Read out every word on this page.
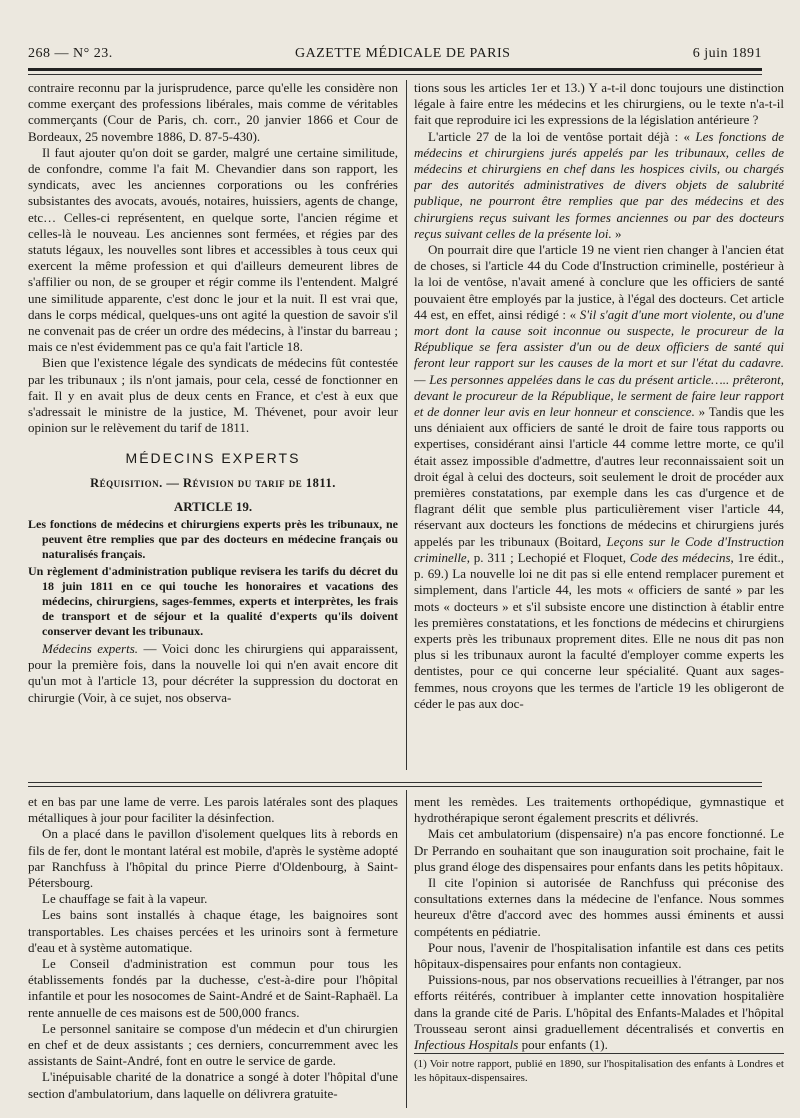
268 — N° 23.	GAZETTE MÉDICALE DE PARIS	6 juin 1891

contraire reconnu par la jurisprudence, parce qu'elle les considère non comme exerçant des professions libérales, mais comme de véritables commerçants (Cour de Paris, ch. corr., 20 janvier 1866 et Cour de Bordeaux, 25 novembre 1886, D. 87-5-430).

Il faut ajouter qu'on doit se garder, malgré une certaine similitude, de confondre, comme l'a fait M. Chevandier dans son rapport, les syndicats, avec les anciennes corporations ou les confréries subsistantes des avocats, avoués, notaires, huissiers, agents de change, etc… Celles-ci représentent, en quelque sorte, l'ancien régime et celles-là le nouveau. Les anciennes sont fermées, et régies par des statuts légaux, les nouvelles sont libres et accessibles à tous ceux qui exercent la même profession et qui d'ailleurs demeurent libres de s'affilier ou non, de se grouper et régir comme ils l'entendent. Malgré une similitude apparente, c'est donc le jour et la nuit. Il est vrai que, dans le corps médical, quelques-uns ont agité la question de savoir s'il ne convenait pas de créer un ordre des médecins, à l'instar du barreau ; mais ce n'est évidemment pas ce qu'a fait l'article 18.

Bien que l'existence légale des syndicats de médecins fût contestée par les tribunaux ; ils n'ont jamais, pour cela, cessé de fonctionner en fait. Il y en avait plus de deux cents en France, et c'est à eux que s'adressait le ministre de la justice, M. Thévenet, pour avoir leur opinion sur le relèvement du tarif de 1811.

MÉDECINS EXPERTS
Réquisition. — Révision du tarif de 1811.
ARTICLE 19.

Les fonctions de médecins et chirurgiens experts près les tribunaux, ne peuvent être remplies que par des docteurs en médecine français ou naturalisés français.

Un règlement d'administration publique revisera les tarifs du décret du 18 juin 1811 en ce qui touche les honoraires et vacations des médecins, chirurgiens, sages-femmes, experts et interprètes, les frais de transport et de séjour et la qualité d'experts qu'ils doivent conserver devant les tribunaux.

Médecins experts. — Voici donc les chirurgiens qui apparaissent, pour la première fois, dans la nouvelle loi qui n'en avait encore dit qu'un mot à l'article 13, pour décréter la suppression du doctorat en chirurgie (Voir, à ce sujet, nos observa-

tions sous les articles 1er et 13.) Y a-t-il donc toujours une distinction légale à faire entre les médecins et les chirurgiens, ou le texte n'a-t-il fait que reproduire ici les expressions de la législation antérieure ?

L'article 27 de la loi de ventôse portait déjà : « Les fonctions de médecins et chirurgiens jurés appelés par les tribunaux, celles de médecins et chirurgiens en chef dans les hospices civils, ou chargés par des autorités administratives de divers objets de salubrité publique, ne pourront être remplies que par des médecins et des chirurgiens reçus suivant les formes anciennes ou par des docteurs reçus suivant celles de la présente loi. »

On pourrait dire que l'article 19 ne vient rien changer à l'ancien état de choses, si l'article 44 du Code d'Instruction criminelle, postérieur à la loi de ventôse, n'avait amené à conclure que les officiers de santé pouvaient être employés par la justice, à l'égal des docteurs. Cet article 44 est, en effet, ainsi rédigé : « S'il s'agit d'une mort violente, ou d'une mort dont la cause soit inconnue ou suspecte, le procureur de la République se fera assister d'un ou de deux officiers de santé qui feront leur rapport sur les causes de la mort et sur l'état du cadavre. — Les personnes appelées dans le cas du présent article….. prêteront, devant le procureur de la République, le serment de faire leur rapport et de donner leur avis en leur honneur et conscience. » Tandis que les uns déniaient aux officiers de santé le droit de faire tous rapports ou expertises, considérant ainsi l'article 44 comme lettre morte, ce qu'il était assez impossible d'admettre, d'autres leur reconnaissaient soit un droit égal à celui des docteurs, soit seulement le droit de procéder aux premières constatations, par exemple dans les cas d'urgence et de flagrant délit que semble plus particulièrement viser l'article 44, réservant aux docteurs les fonctions de médecins et chirurgiens jurés appelés par les tribunaux (Boitard, Leçons sur le Code d'Instruction criminelle, p. 311 ; Lechopié et Floquet, Code des médecins, 1re édit., p. 69.) La nouvelle loi ne dit pas si elle entend remplacer purement et simplement, dans l'article 44, les mots « officiers de santé » par les mots « docteurs » et s'il subsiste encore une distinction à établir entre les premières constatations, et les fonctions de médecins et chirurgiens experts près les tribunaux proprement dites. Elle ne nous dit pas non plus si les tribunaux auront la faculté d'employer comme experts les dentistes, pour ce qui concerne leur spécialité. Quant aux sages-femmes, nous croyons que les termes de l'article 19 les obligeront de céder le pas aux doc-

et en bas par une lame de verre. Les parois latérales sont des plaques métalliques à jour pour faciliter la désinfection.

On a placé dans le pavillon d'isolement quelques lits à rebords en fils de fer, dont le montant latéral est mobile, d'après le système adopté par Ranchfuss à l'hôpital du prince Pierre d'Oldenbourg, à Saint-Pétersbourg.

Le chauffage se fait à la vapeur.

Les bains sont installés à chaque étage, les baignoires sont transportables. Les chaises percées et les urinoirs sont à fermeture d'eau et à système automatique.

Le Conseil d'administration est commun pour tous les établissements fondés par la duchesse, c'est-à-dire pour l'hôpital infantile et pour les nosocomes de Saint-André et de Saint-Raphaël. La rente annuelle de ces maisons est de 500,000 francs.

Le personnel sanitaire se compose d'un médecin et d'un chirurgien en chef et de deux assistants ; ces derniers, concurremment avec les assistants de Saint-André, font en outre le service de garde.

L'inépuisable charité de la donatrice a songé à doter l'hôpital d'une section d'ambulatorium, dans laquelle on délivrera gratuite-

ment les remèdes. Les traitements orthopédique, gymnastique et hydrothérapique seront également prescrits et délivrés.

Mais cet ambulatorium (dispensaire) n'a pas encore fonctionné. Le Dr Perrando en souhaitant que son inauguration soit prochaine, fait le plus grand éloge des dispensaires pour enfants dans les petits hôpitaux.

Il cite l'opinion si autorisée de Ranchfuss qui préconise des consultations externes dans la médecine de l'enfance. Nous sommes heureux d'être d'accord avec des hommes aussi éminents et aussi compétents en pédiatrie.

Pour nous, l'avenir de l'hospitalisation infantile est dans ces petits hôpitaux-dispensaires pour enfants non contagieux.

Puissions-nous, par nos observations recueillies à l'étranger, par nos efforts réitérés, contribuer à implanter cette innovation hospitalière dans la grande cité de Paris. L'hôpital des Enfants-Malades et l'hôpital Trousseau seront ainsi graduellement décentralisés et convertis en Infectious Hospitals pour enfants (1).

(1) Voir notre rapport, publié en 1890, sur l'hospitalisation des enfants à Londres et les hôpitaux-dispensaires.
